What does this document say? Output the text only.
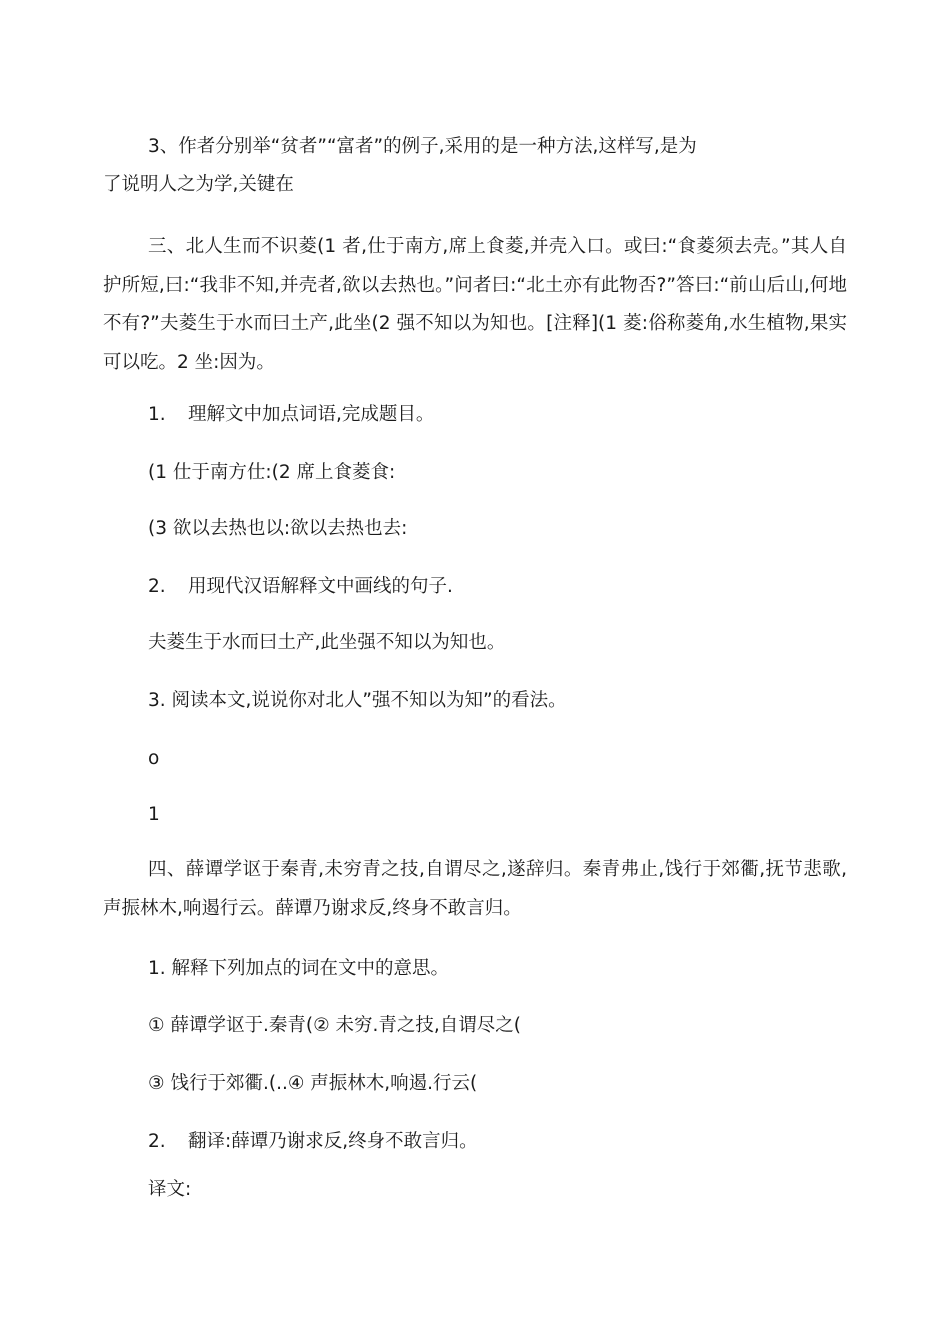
3、作者分别举“贫者”“富者”的例子,采用的是一种方法,这样写,是为
了说明人之为学,关键在
三、北人生而不识菱(1 者,仕于南方,席上食菱,并壳入口。或曰:“食菱须去壳。”其人自护所短,曰:“我非不知,并壳者,欲以去热也。”问者曰:“北土亦有此物否?”答曰:“前山后山,何地不有?”夫菱生于水而曰土产,此坐(2 强不知以为知也。[注释](1 菱:俗称菱角,水生植物,果实可以吃。2 坐:因为。
1. 理解文中加点词语,完成题目。
(1 仕于南方仕:(2 席上食菱食:
(3 欲以去热也以:欲以去热也去:
2. 用现代汉语解释文中画线的句子.
夫菱生于水而曰土产,此坐强不知以为知也。
3. 阅读本文,说说你对北人”强不知以为知”的看法。
o
1
四、薛谭学讴于秦青,未穷青之技,自谓尽之,遂辞归。秦青弗止,饯行于郊衢,抚节悲歌,声振林木,响遏行云。薛谭乃谢求反,终身不敢言归。
1. 解释下列加点的词在文中的意思。
① 薛谭学讴于.秦青(② 未穷.青之技,自谓尽之(
③ 饯行于郊衢.(..④ 声振林木,响遏.行云(
2. 翻译:薛谭乃谢求反,终身不敢言归。
译文:
